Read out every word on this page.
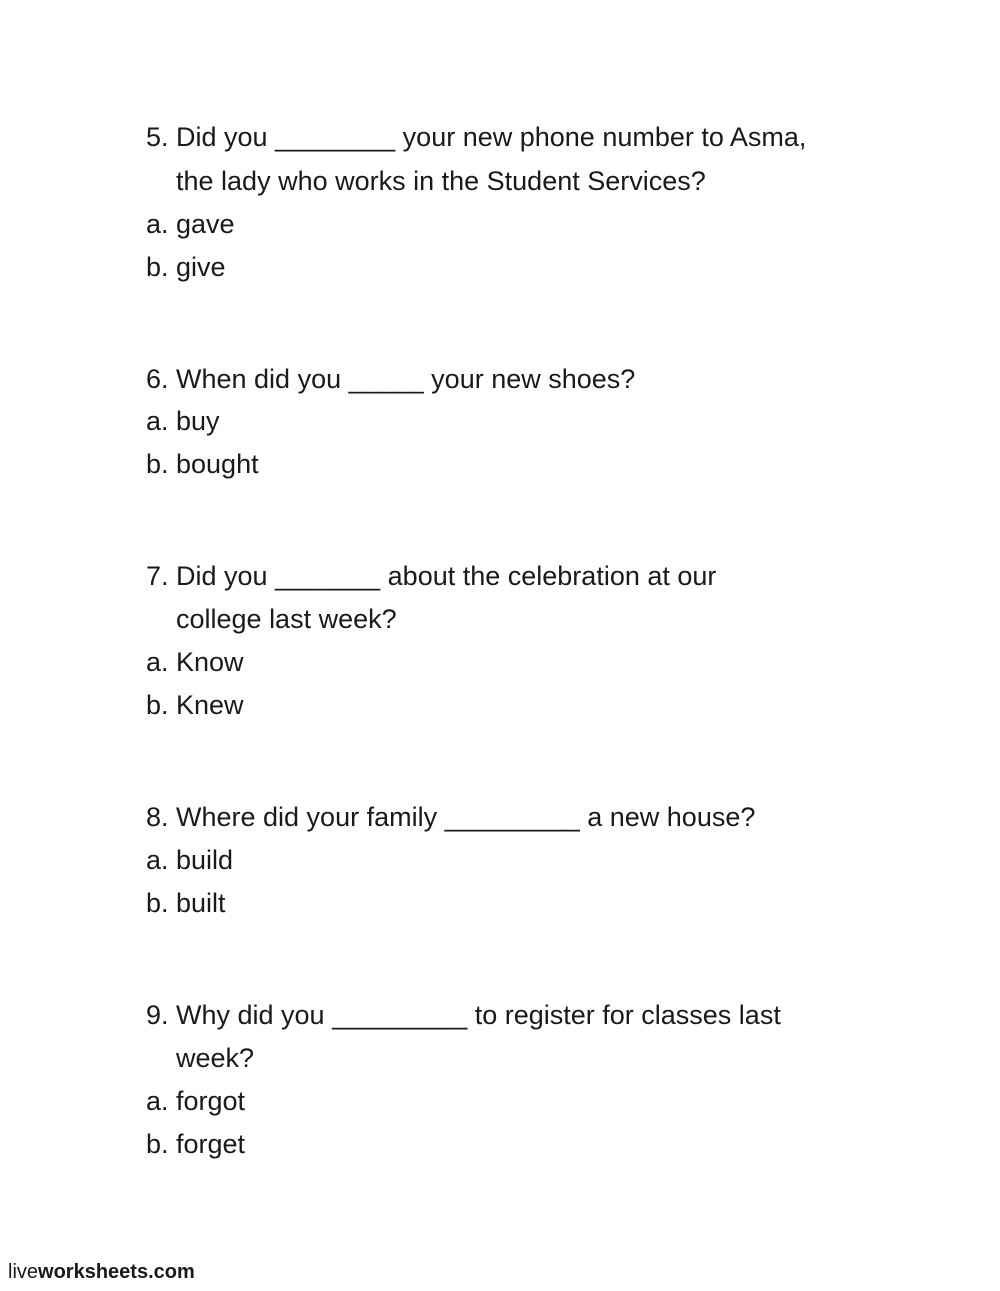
5. Did you ________ your new phone number to Asma,
the lady who works in the Student Services?
a. gave
b. give
6. When did you _____ your new shoes?
a. buy
b. bought
7. Did you _______ about the celebration at our
college last week?
a. Know
b. Knew
8. Where did your family _________ a new house?
a. build
b. built
9. Why did you _________ to register for classes last
week?
a. forgot
b. forget
liveworksheets.com
